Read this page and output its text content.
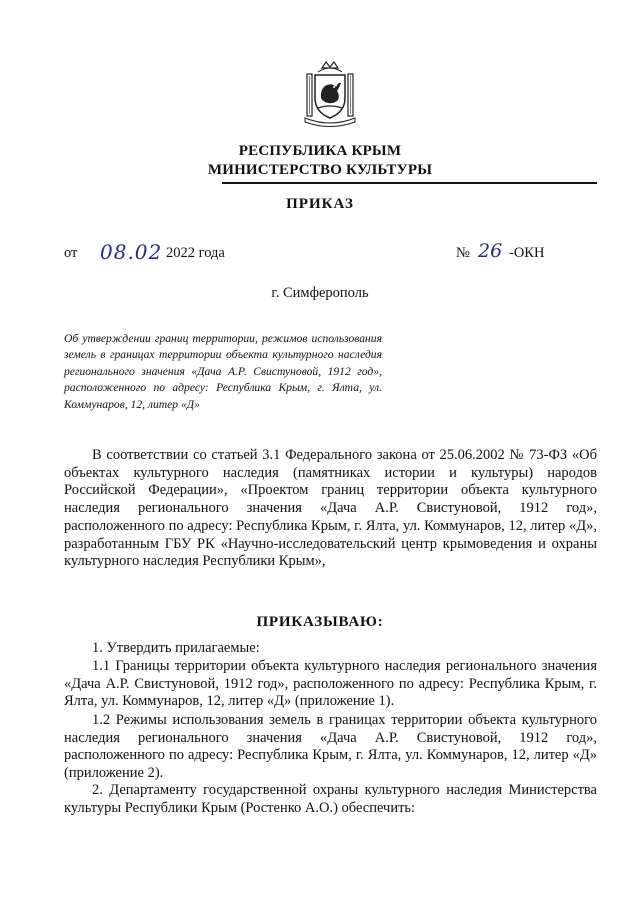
РЕСПУБЛИКА КРЫМ
МИНИСТЕРСТВО КУЛЬТУРЫ
ПРИКАЗ
от 08.02 2022 года	№ 26 -ОКН
г. Симферополь
Об утверждении границ территории, режимов использования земель в границах территории объекта культурного наследия регионального значения «Дача А.Р. Свистуновой, 1912 год», расположенного по адресу: Республика Крым, г. Ялта, ул. Коммунаров, 12, литер «Д»
В соответствии со статьей 3.1 Федерального закона от 25.06.2002 № 73-ФЗ «Об объектах культурного наследия (памятниках истории и культуры) народов Российской Федерации», «Проектом границ территории объекта культурного наследия регионального значения «Дача А.Р. Свистуновой, 1912 год», расположенного по адресу: Республика Крым, г. Ялта, ул. Коммунаров, 12, литер «Д», разработанным ГБУ РК «Научно-исследовательский центр крымоведения и охраны культурного наследия Республики Крым»,
ПРИКАЗЫВАЮ:
1. Утвердить прилагаемые:
1.1 Границы территории объекта культурного наследия регионального значения «Дача А.Р. Свистуновой, 1912 год», расположенного по адресу: Республика Крым, г. Ялта, ул. Коммунаров, 12, литер «Д» (приложение 1).
1.2 Режимы использования земель в границах территории объекта культурного наследия регионального значения «Дача А.Р. Свистуновой, 1912 год», расположенного по адресу: Республика Крым, г. Ялта, ул. Коммунаров, 12, литер «Д» (приложение 2).
2. Департаменту государственной охраны культурного наследия Министерства культуры Республики Крым (Ростенко А.О.) обеспечить:
